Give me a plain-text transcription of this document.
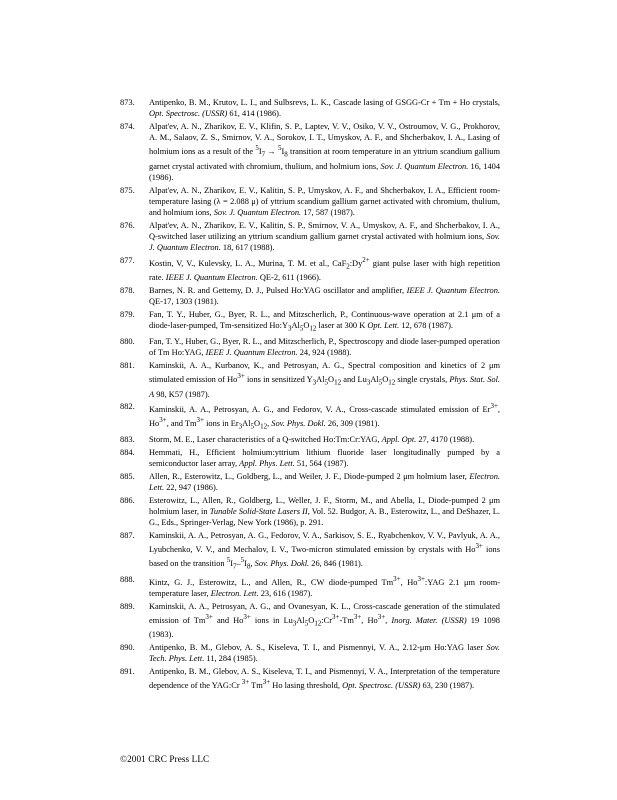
873.	Antipenko, B. M., Krutov, L. I., and Sulbsrevs, L. K., Cascade lasing of GSGG-Cr + Tm + Ho crystals, Opt. Spectrosc. (USSR) 61, 414 (1986).
874.	Alpat'ev, A. N., Zharikov, E. V., Klifin, S. P., Laptev, V. V., Osiko, V. V., Ostroumov, V. G., Prokhorov, A. M., Salaov, Z. S., Smirnov, V. A., Sorokov, I. T., Umyskov, A. F., and Shcherbakov, I. A., Lasing of holmium ions as a result of the $^5I_7 \to ^5I_8$ transition at room temperature in an yttrium scandium gallium garnet crystal activated with chromium, thulium, and holmium ions, Sov. J. Quantum Electron. 16, 1404 (1986).
875.	Alpat'ev, A. N., Zharikov, E. V., Kalitin, S. P., Umyskov, A. F., and Shcherbakov, I. A., Efficient room-temperature lasing (λ = 2.088 μ) of yttrium scandium gallium garnet activated with chromium, thulium, and holmium ions, Sov. J. Quantum Electron. 17, 587 (1987).
876.	Alpat'ev, A. N., Zharikov, E. V., Kalitin, S. P., Smirnov, V. A., Umyskov, A. F., and Shcherbakov, I. A., Q-switched laser utilizing an yttrium scandium gallium garnet crystal activated with holmium ions, Sov. J. Quantum Electron. 18, 617 (1988).
877.	Kostin, V, V., Kulevsky, L. A., Murina, T. M. et al., $CaF_2:Dy^{2+}$ giant pulse laser with high repetition rate. IEEE J. Quantum Electron. QE-2, 611 (1966).
878.	Barnes, N. R. and Gettemy, D. J., Pulsed Ho:YAG oscillator and amplifier, IEEE J. Quantum Electron. QE-17, 1303 (1981).
879.	Fan, T. Y., Huber, G., Byer, R. L., and Mitzscherlich, P., Continuous-wave operation at 2.1 μm of a diode-laser-pumped, Tm-sensitized $Ho:Y_3Al_5O_{12}$ laser at 300 K Opt. Lett. 12, 678 (1987).
880.	Fan, T. Y., Huber, G., Byer, R. L., and Mitzscherlich, P., Spectroscopy and diode laser-pumped operation of Tm Ho:YAG, IEEE J. Quantum Electron. 24, 924 (1988).
881.	Kaminskii, A. A., Kurbanov, K., and Petrosyan, A. G., Spectral composition and kinetics of 2 μm stimulated emission of $Ho^{3+}$ ions in sensitized $Y_3Al_5O_{12}$ and $Lu_3Al_5O_{12}$ single crystals, Phys. Stat. Sol. A 98, K57 (1987).
882.	Kaminskii, A. A., Petrosyan, A. G., and Fedorov, V. A., Cross-cascade stimulated emission of $Er^{3+}$, $Ho^{3+}$, and $Tm^{3+}$ ions in $Er_3Al_5O_{12}$, Sov. Phys. Dokl. 26, 309 (1981).
883.	Storm, M. E., Laser characteristics of a Q-switched Ho:Tm:Cr:YAG, Appl. Opt. 27, 4170 (1988).
884.	Hemmati, H., Efficient holmium:yttrium lithium fluoride laser longitudinally pumped by a semiconductor laser array, Appl. Phys. Lett. 51, 564 (1987).
885.	Allen, R., Esterowitz, L., Goldberg, L., and Weiler, J. F., Diode-pumped 2 μm holmium laser, Electron. Lett. 22, 947 (1986).
886.	Esterowitz, L., Allen, R., Goldberg, L., Weller, J. F., Storm, M., and Abella, I., Diode-pumped 2 μm holmium laser, in Tunable Solid-State Lasers II, Vol. 52. Budgor, A. B., Esterowitz, L., and DeShazer, L. G., Eds., Springer-Verlag, New York (1986), p. 291.
887.	Kaminskii, A. A., Petrosyan, A. G., Fedorov, V. A., Sarkisov, S. E., Ryabchenkov, V. V., Pavlyuk, A. A., Lyubchenko, V. V., and Mechalov, I. V., Two-micron stimulated emission by crystals with $Ho^{3+}$ ions based on the transition $^5I_7-^5I_8$, Sov. Phys. Dokl. 26, 846 (1981).
888.	Kintz, G. J., Esterowitz, L., and Allen, R., CW diode-pumped $Tm^{3+}$, $Ho^{3+}:YAG$ 2.1 μm room- temperature laser, Electron. Lett. 23, 616 (1987).
889.	Kaminskii, A. A., Petrosyan, A. G., and Ovanesyan, K. L., Cross-cascade generation of the stimulated emission of $Tm^{3+}$ and $Ho^{3+}$ ions in $Lu_3Al_5O_{12}:Cr^{3+}-Tm^{3+}$, $Ho^{3+}$, Inorg. Mater. (USSR) 19 1098 (1983).
890.	Antipenko, B. M., Glebov, A. S., Kiseleva, T. I., and Pismennyi, V. A., 2.12-μm Ho:YAG laser Sov. Tech. Phys. Lett. 11, 284 (1985).
891.	Antipenko, B. M., Glebov, A. S., Kiseleva, T. I., and Pismennyi, V. A., Interpretation of the temperature dependence of the YAG:Cr $^{3+}$ $Tm^{3+}$ Ho lasing threshold, Opt. Spectrosc. (USSR) 63, 230 (1987).
©2001 CRC Press LLC
